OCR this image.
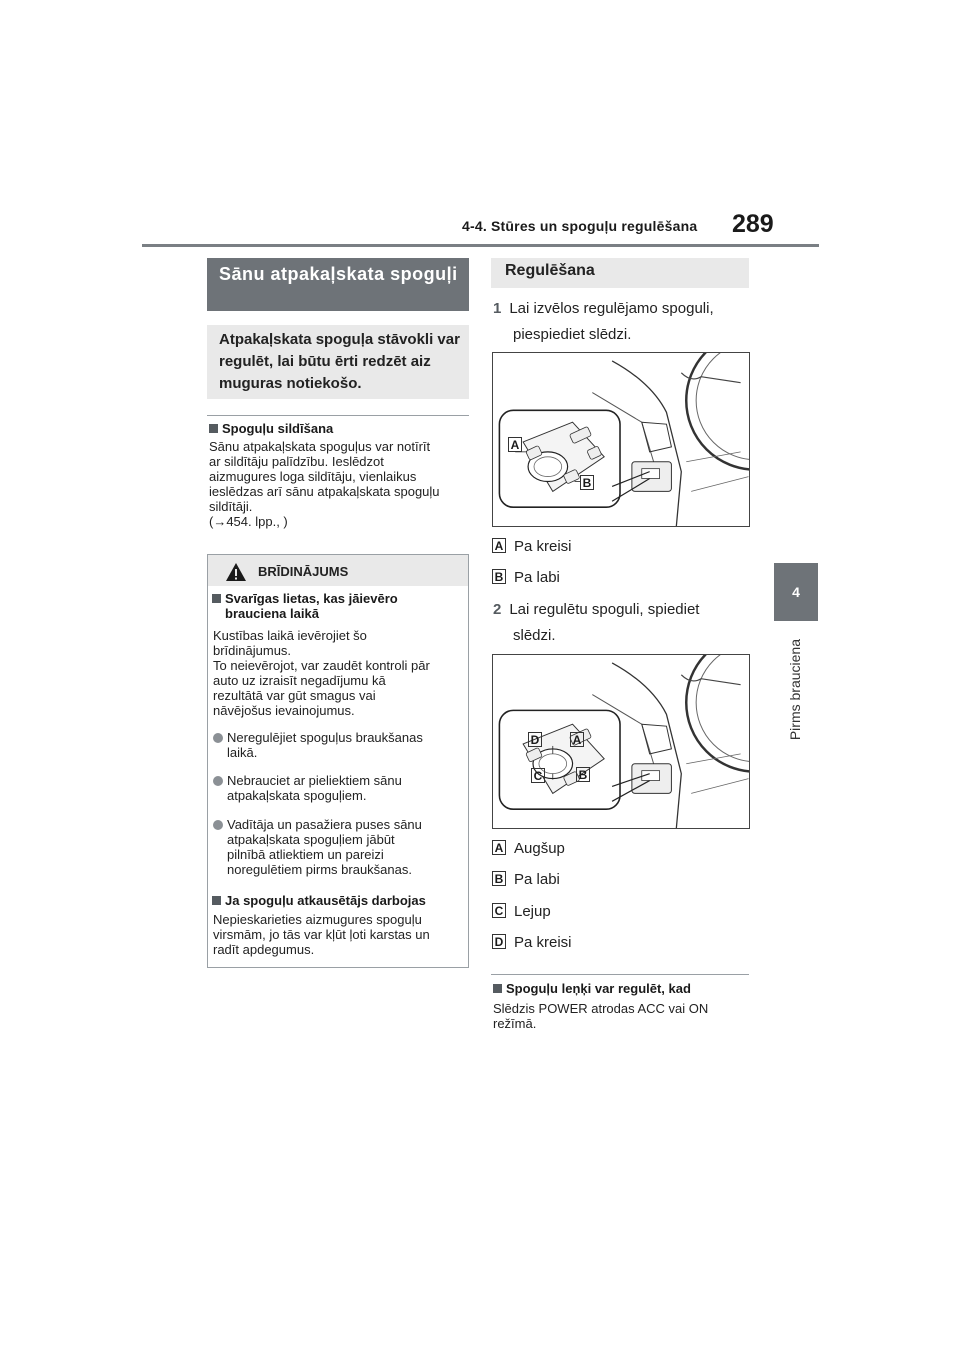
4-4. Stūres un spoguļu regulēšana 289
4
Pirms brauciena
Sānu atpakaļskata spoguļi
Atpakaļskata spoguļa stāvokli var regulēt, lai būtu ērti redzēt aiz muguras notiekošo.
Spoguļu sildīšana
Sānu atpakaļskata spoguļus var notīrīt
ar sildītāju palīdzību. Ieslēdzot
aizmugures loga sildītāju, vienlaikus
ieslēdzas arī sānu atpakaļskata spoguļu
sildītāji.
(→454. lpp., )
BRĪDINĀJUMS
Svarīgas lietas, kas jāievēro
brauciena laikā
Kustības laikā ievērojiet šo
brīdinājumus.
To neievērojot, var zaudēt kontroli pār
auto uz izraisīt negadījumu kā
rezultātā var gūt smagus vai
nāvējošus ievainojumus.
Neregulējiet spoguļus braukšanas
laikā.
Nebrauciet ar pieliektiem sānu
atpakaļskata spoguļiem.
Vadītāja un pasažiera puses sānu
atpakaļskata spoguļiem jābūt
pilnībā atliektiem un pareizi
noregulētiem pirms braukšanas.
Ja spoguļu atkausētājs darbojas
Nepieskarieties aizmugures spoguļu
virsmām, jo tās var kļūt ļoti karstas un
radīt apdegumus.
Regulēšana
1 Lai izvēlos regulējamo spoguli,
piespiediet slēdzi.
A
B
A Pa kreisi
B Pa labi
2 Lai regulētu spoguli, spiediet
slēdzi.
D	A
C	B
A Augšup
B Pa labi
C Lejup
D Pa kreisi
Spoguļu leņķi var regulēt, kad
Slēdzis POWER atrodas ACC vai ON
režīmā.
